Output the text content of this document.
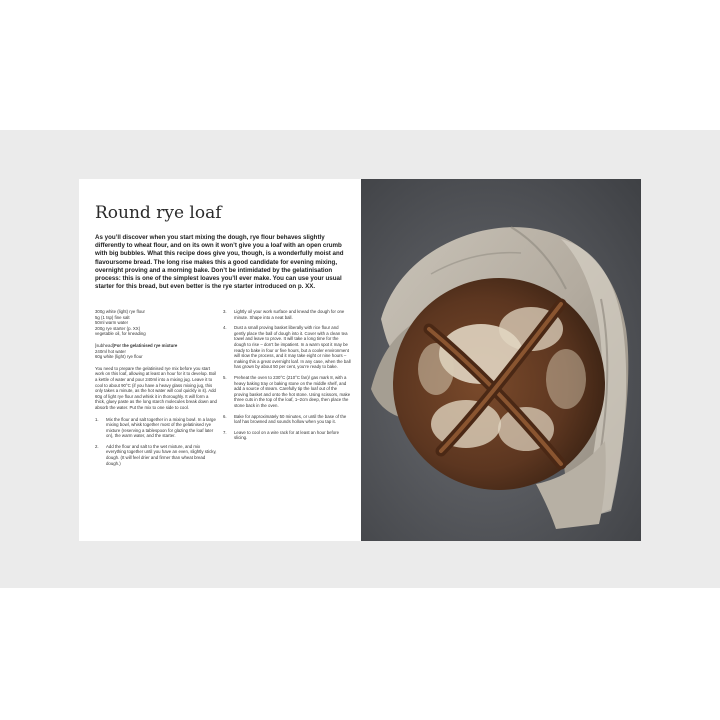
Round rye loaf

As you’ll discover when you start mixing the dough, rye flour behaves slightly differently to wheat flour, and on its own it won’t give you a loaf with an open crumb with big bubbles. What this recipe does give you, though, is a wonderfully moist and flavoursome bread. The long rise makes this a good candidate for evening mixing, overnight proving and a morning bake. Don’t be intimidated by the gelatinisation process: this is one of the simplest loaves you’ll ever make. You can use your usual starter for this bread, but even better is the rye starter introduced on p. XX.

300g white (light) rye flour
5g (1 tsp) fine salt
50ml warm water
200g rye starter (p. XX)
vegetable oil, for kneading

[subhead]For the gelatinised rye mixture

240ml hot water
60g white (light) rye flour

You need to prepare the gelatinised rye mix before you start work on this loaf, allowing at least an hour for it to develop. Boil a kettle of water and pour 240ml into a mixing jug. Leave it to cool to about 90°C (if you have a heavy glass mixing jug, this only takes a minute, as the hot water will cool quickly in it). Add 60g of light rye flour and whisk it in thoroughly. It will form a thick, gluey paste as the long starch molecules break down and absorb the water. Put the mix to one side to cool.

1.	Mix the flour and salt together in a mixing bowl. In a large mixing bowl, whisk together most of the gelatinised rye mixture (reserving a tablespoon for glazing the loaf later on), the warm water, and the starter.
2.	Add the flour and salt to the wet mixture, and mix everything together until you have an even, slightly sticky, dough. (It will feel drier and firmer than wheat bread dough.)
3.	Lightly oil your work surface and knead the dough for one minute. Shape into a neat ball.
4.	Dust a small proving basket liberally with rice flour and gently place the ball of dough into it. Cover with a clean tea towel and leave to prove. It will take a long time for the dough to rise – don’t be impatient. In a warm spot it may be ready to bake in four or five hours, but a cooler environment will slow the process, and it may take eight or nine hours – making this a great overnight loaf. In any case, when the ball has grown by about 50 per cent, you’re ready to bake.
5.	Preheat the oven to 230°C (210°C fan)/ gas mark 8, with a heavy baking tray or baking stone on the middle shelf, and add a source of steam. Carefully tip the loaf out of the proving basket and onto the hot stone. Using scissors, make three cuts in the top of the loaf, 1–2cm deep, then place the stone back in the oven.
6.	Bake for approximately 50 minutes, or until the base of the loaf has browned and sounds hollow when you tap it.
7.	Leave to cool on a wire rack for at least an hour before slicing.
